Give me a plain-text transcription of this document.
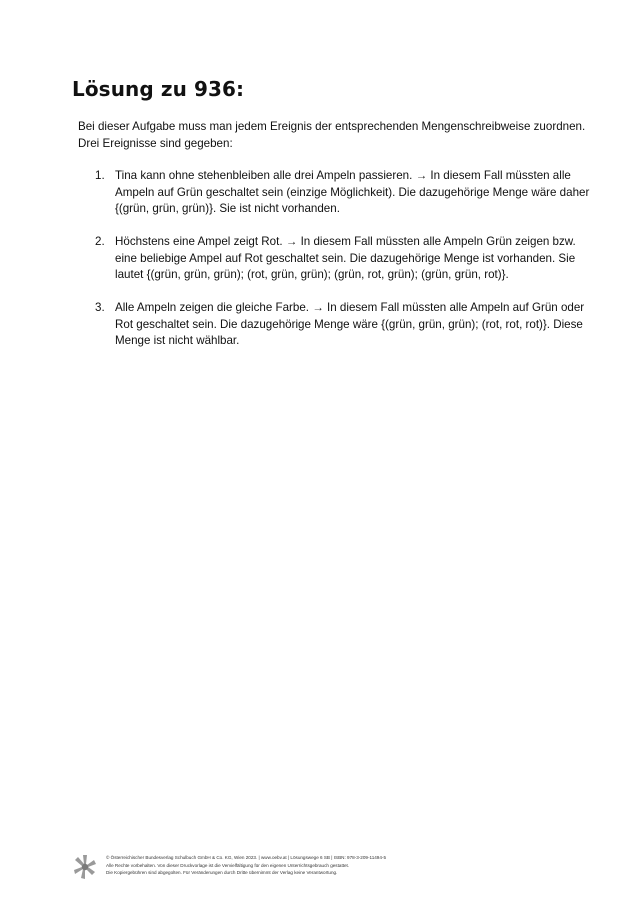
Lösung zu 936:

Bei dieser Aufgabe muss man jedem Ereignis der entsprechenden Mengenschreibweise zuordnen.

Drei Ereignisse sind gegeben:

1. Tina kann ohne stehenbleiben alle drei Ampeln passieren. → In diesem Fall müssten alle Ampeln auf Grün geschaltet sein (einzige Möglichkeit). Die dazugehörige Menge wäre daher {(grün, grün, grün)}. Sie ist nicht vorhanden.
2. Höchstens eine Ampel zeigt Rot. → In diesem Fall müssten alle Ampeln Grün zeigen bzw. eine beliebige Ampel auf Rot geschaltet sein. Die dazugehörige Menge ist vorhanden. Sie lautet {(grün, grün, grün); (rot, grün, grün); (grün, rot, grün); (grün, grün, rot)}.
3. Alle Ampeln zeigen die gleiche Farbe. → In diesem Fall müssten alle Ampeln auf Grün oder Rot geschaltet sein. Die dazugehörige Menge wäre {(grün, grün, grün); (rot, rot, rot)}. Diese Menge ist nicht wählbar.
© Österreichischer Bundesverlag Schulbuch GmbH & Co. KG, Wien 2023. | www.oebv.at | Lösungswege 6 SB | ISBN: 978-3-209-11494-5
Alle Rechte vorbehalten. Von dieser Druckvorlage ist die Vervielfältigung für den eigenen Unterrichtsgebrauch gestattet.
Die Kopiergebühren sind abgegolten. Für Veränderungen durch Dritte übernimmt der Verlag keine Verantwortung.
